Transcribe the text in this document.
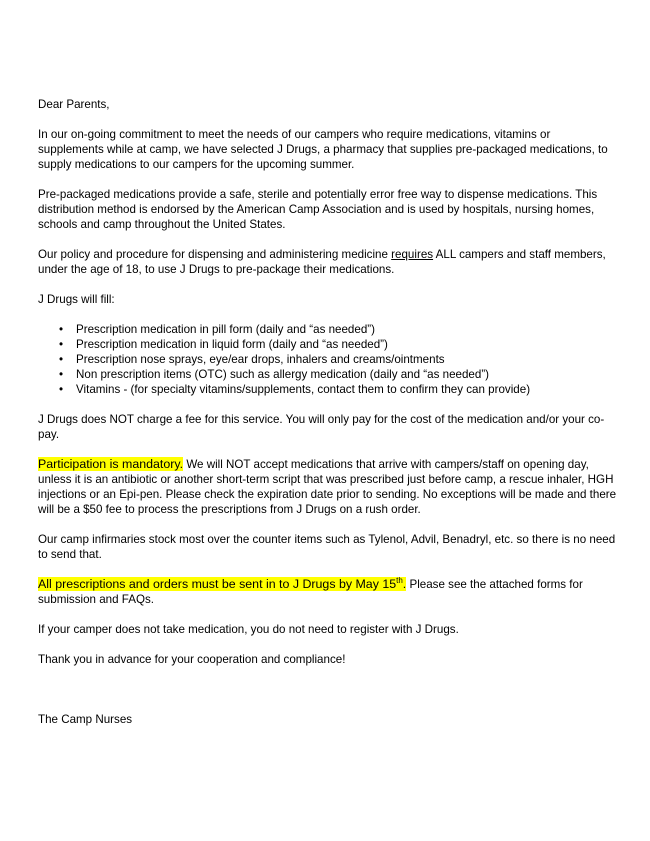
Dear Parents,

In our on-going commitment to meet the needs of our campers who require medications, vitamins or supplements while at camp, we have selected J Drugs, a pharmacy that supplies pre-packaged medications, to supply medications to our campers for the upcoming summer.

Pre-packaged medications provide a safe, sterile and potentially error free way to dispense medications. This distribution method is endorsed by the American Camp Association and is used by hospitals, nursing homes, schools and camp throughout the United States.

Our policy and procedure for dispensing and administering medicine requires ALL campers and staff members, under the age of 18, to use J Drugs to pre-package their medications.

J Drugs will fill:

• Prescription medication in pill form (daily and “as needed”)
• Prescription medication in liquid form (daily and “as needed”)
• Prescription nose sprays, eye/ear drops, inhalers and creams/ointments
• Non prescription items (OTC) such as allergy medication (daily and “as needed”)
• Vitamins - (for specialty vitamins/supplements, contact them to confirm they can provide)

J Drugs does NOT charge a fee for this service. You will only pay for the cost of the medication and/or your co-pay.

Participation is mandatory. We will NOT accept medications that arrive with campers/staff on opening day, unless it is an antibiotic or another short-term script that was prescribed just before camp, a rescue inhaler, HGH injections or an Epi-pen. Please check the expiration date prior to sending. No exceptions will be made and there will be a $50 fee to process the prescriptions from J Drugs on a rush order.

Our camp infirmaries stock most over the counter items such as Tylenol, Advil, Benadryl, etc. so there is no need to send that.

All prescriptions and orders must be sent in to J Drugs by May 15th. Please see the attached forms for submission and FAQs.

If your camper does not take medication, you do not need to register with J Drugs.

Thank you in advance for your cooperation and compliance!

The Camp Nurses
